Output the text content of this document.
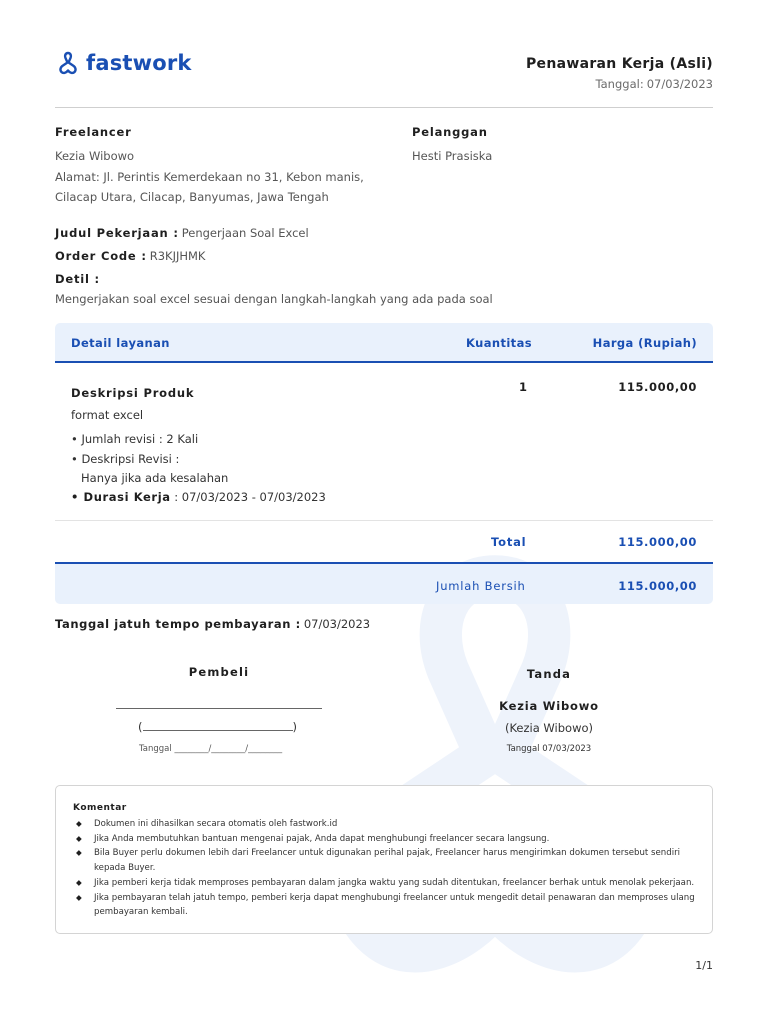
fastwork	Penawaran Kerja (Asli)
Tanggal: 07/03/2023
Freelancer	Pelanggan
Kezia Wibowo	Hesti Prasiska
Alamat: Jl. Perintis Kemerdekaan no 31, Kebon manis,
Cilacap Utara, Cilacap, Banyumas, Jawa Tengah
Judul Pekerjaan : Pengerjaan Soal Excel
Order Code : R3KJJHMK
Detil :
Mengerjakan soal excel sesuai dengan langkah-langkah yang ada pada soal
Detail layanan	Kuantitas	Harga (Rupiah)
Deskripsi Produk
format excel
• Jumlah revisi : 2 Kali
• Deskripsi Revisi :
Hanya jika ada kesalahan
• Durasi Kerja : 07/03/2023 - 07/03/2023
1	115.000,00
Total	115.000,00
Jumlah Bersih	115.000,00
Tanggal jatuh tempo pembayaran : 07/03/2023
Pembeli
(	)
Tanggal ________/________/________
Tanda
Kezia Wibowo
(Kezia Wibowo)
Tanggal 07/03/2023
Komentar
◆ Dokumen ini dihasilkan secara otomatis oleh fastwork.id
◆ Jika Anda membutuhkan bantuan mengenai pajak, Anda dapat menghubungi freelancer secara langsung.
◆ Bila Buyer perlu dokumen lebih dari Freelancer untuk digunakan perihal pajak, Freelancer harus mengirimkan dokumen tersebut sendiri kepada Buyer.
◆ Jika pemberi kerja tidak memproses pembayaran dalam jangka waktu yang sudah ditentukan, freelancer berhak untuk menolak pekerjaan.
◆ Jika pembayaran telah jatuh tempo, pemberi kerja dapat menghubungi freelancer untuk mengedit detail penawaran dan memproses ulang pembayaran kembali.
1/1
